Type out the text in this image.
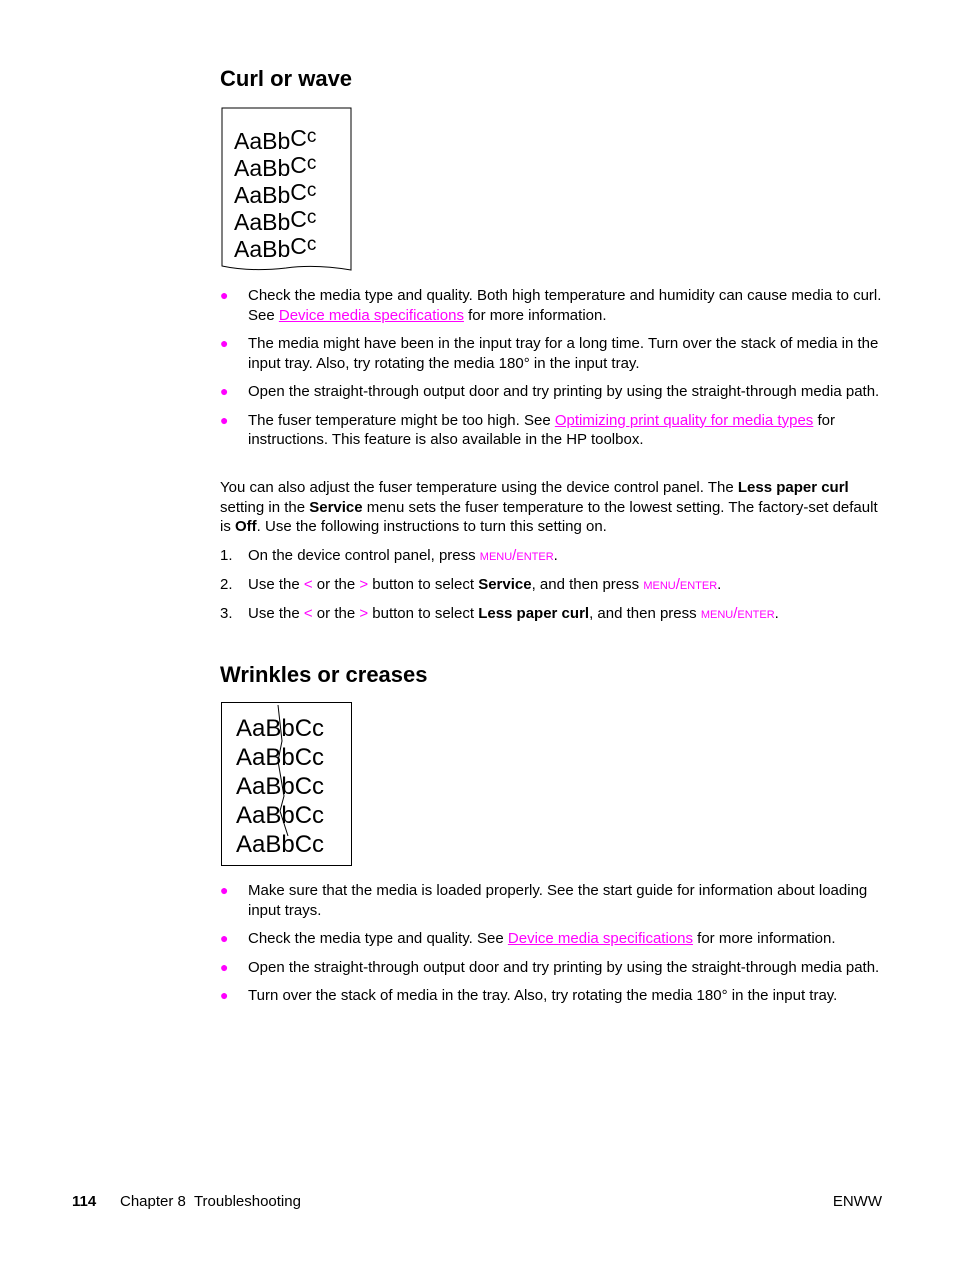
Curl or wave
AaBbCc
AaBbCc
AaBbCc
AaBbCc
AaBbCc
● Check the media type and quality. Both high temperature and humidity can cause media to curl. See Device media specifications for more information.
● The media might have been in the input tray for a long time. Turn over the stack of media in the input tray. Also, try rotating the media 180° in the input tray.
● Open the straight-through output door and try printing by using the straight-through media path.
● The fuser temperature might be too high. See Optimizing print quality for media types for instructions. This feature is also available in the HP toolbox.
You can also adjust the fuser temperature using the device control panel. The Less paper curl setting in the Service menu sets the fuser temperature to the lowest setting. The factory-set default is Off. Use the following instructions to turn this setting on.
1. On the device control panel, press menu/enter.
2. Use the < or the > button to select Service, and then press menu/enter.
3. Use the < or the > button to select Less paper curl, and then press menu/enter.
Wrinkles or creases
AaBbCc
AaBbCc
AaBbCc
AaBbCc
AaBbCc
● Make sure that the media is loaded properly. See the start guide for information about loading input trays.
● Check the media type and quality. See Device media specifications for more information.
● Open the straight-through output door and try printing by using the straight-through media path.
● Turn over the stack of media in the tray. Also, try rotating the media 180° in the input tray.
114 Chapter 8  Troubleshooting	ENWW
